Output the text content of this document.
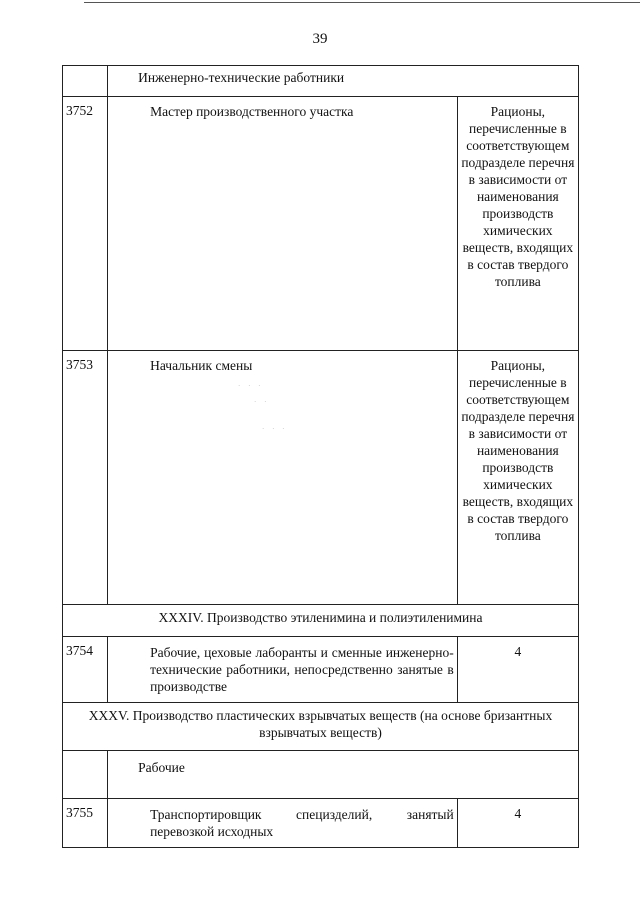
39
	Инженерно-технические работники	
3752	Мастер производственного участка	Рационы, перечисленные в соответствующем подразделе перечня в зависимости от наименования производств химических веществ, входящих в состав твердого топлива
3753	Начальник смены	Рационы, перечисленные в соответствующем подразделе перечня в зависимости от наименования производств химических веществ, входящих в состав твердого топлива
XXXIV. Производство этиленимина и полиэтиленимина		
3754	Рабочие, цеховые лаборанты и сменные инженерно-технические работники, непосредственно занятые в производстве	4
XXXV. Производство пластических взрывчатых веществ (на основе бризантных взрывчатых веществ)		
	Рабочие	
3755	Транспортировщик специзделий, занятый перевозкой исходных	4
· · ·
· ·
· · ·
